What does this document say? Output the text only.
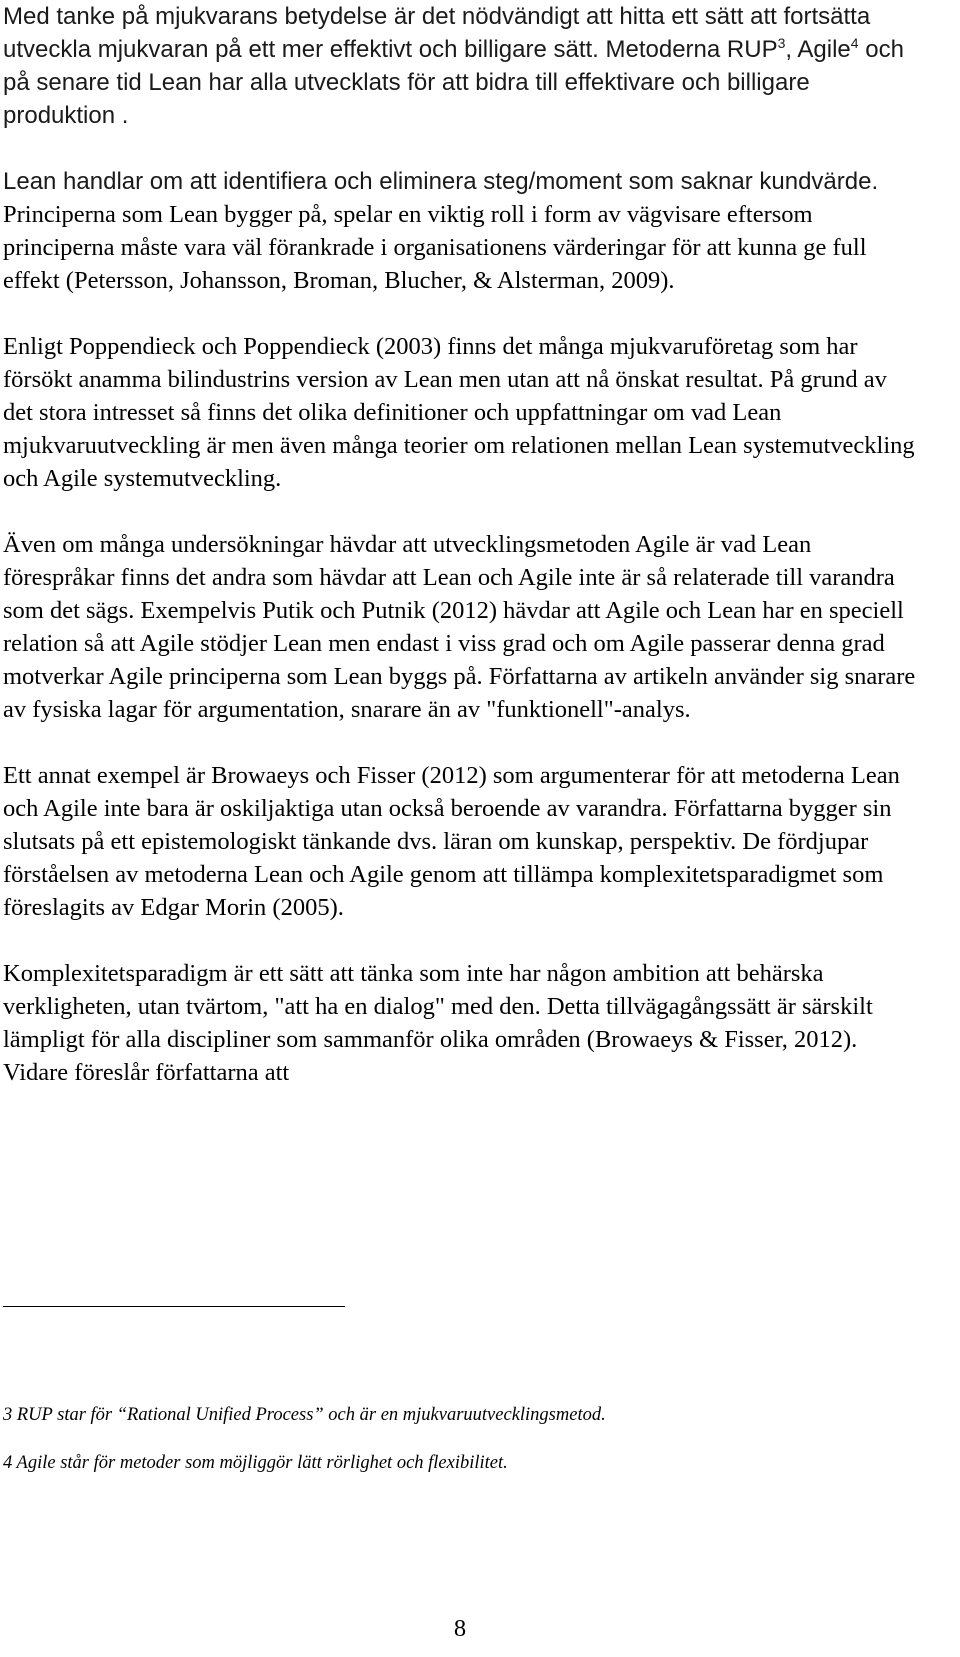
Med tanke på mjukvarans betydelse är det nödvändigt att hitta ett sätt att fortsätta utveckla mjukvaran på ett mer effektivt och billigare sätt. Metoderna RUP$^3$, Agile$^4$ och på senare tid Lean har alla utvecklats för att bidra till effektivare och billigare produktion .

Lean handlar om att identifiera och eliminera steg/moment som saknar kundvärde. Principerna som Lean bygger på, spelar en viktig roll i form av vägvisare eftersom principerna måste vara väl förankrade i organisationens värderingar för att kunna ge full effekt (Petersson, Johansson, Broman, Blucher, & Alsterman, 2009).

Enligt Poppendieck och Poppendieck (2003) finns det många mjukvaruföretag som har försökt anamma bilindustrins version av Lean men utan att nå önskat resultat. På grund av det stora intresset så finns det olika definitioner och uppfattningar om vad Lean mjukvaruutveckling är men även många teorier om relationen mellan Lean systemutveckling och Agile systemutveckling.

Även om många undersökningar hävdar att utvecklingsmetoden Agile är vad Lean förespråkar finns det andra som hävdar att Lean och Agile inte är så relaterade till varandra som det sägs. Exempelvis Putik och Putnik (2012) hävdar att Agile och Lean har en speciell relation så att Agile stödjer Lean men endast i viss grad och om Agile passerar denna grad motverkar Agile principerna som Lean byggs på. Författarna av artikeln använder sig snarare av fysiska lagar för argumentation, snarare än av "funktionell"-analys.

Ett annat exempel är Browaeys och Fisser (2012) som argumenterar för att metoderna Lean och Agile inte bara är oskiljaktiga utan också beroende av varandra. Författarna bygger sin slutsats på ett epistemologiskt tänkande dvs. läran om kunskap, perspektiv. De fördjupar förståelsen av metoderna Lean och Agile genom att tillämpa komplexitetsparadigmet som föreslagits av Edgar Morin (2005).

Komplexitetsparadigm är ett sätt att tänka som inte har någon ambition att behärska verkligheten, utan tvärtom, "att ha en dialog" med den. Detta tillvägagångssätt är särskilt lämpligt för alla discipliner som sammanför olika områden (Browaeys & Fisser, 2012). Vidare föreslår författarna att

3 RUP star för “Rational Unified Process” och är en mjukvaruutvecklingsmetod.
4 Agile står för metoder som möjliggör lätt rörlighet och flexibilitet.
8
